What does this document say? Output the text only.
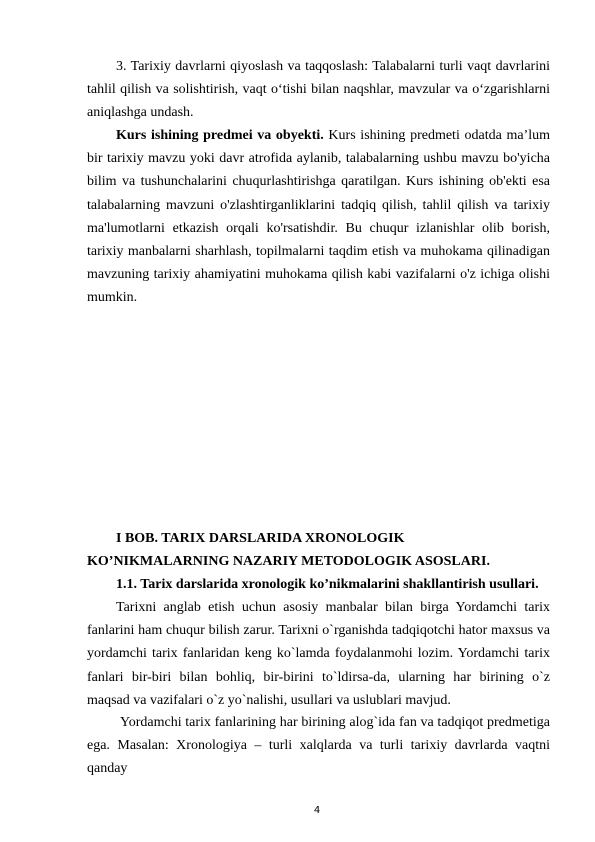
3. Tarixiy davrlarni qiyoslash va taqqoslash: Talabalarni turli vaqt davrlarini tahlil qilish va solishtirish, vaqt o‘tishi bilan naqshlar, mavzular va o‘zgarishlarni aniqlashga undash.

Kurs ishining predmei va obyekti. Kurs ishining predmeti odatda ma’lum bir tarixiy mavzu yoki davr atrofida aylanib, talabalarning ushbu mavzu bo'yicha bilim va tushunchalarini chuqurlashtirishga qaratilgan. Kurs ishining ob'ekti esa talabalarning mavzuni o'zlashtirganliklarini tadqiq qilish, tahlil qilish va tarixiy ma'lumotlarni etkazish orqali ko'rsatishdir. Bu chuqur izlanishlar olib borish, tarixiy manbalarni sharhlash, topilmalarni taqdim etish va muhokama qilinadigan mavzuning tarixiy ahamiyatini muhokama qilish kabi vazifalarni o'z ichiga olishi mumkin.

I BOB. TARIX DARSLARIDA XRONOLOGIK KO’NIKMALARNING NAZARIY METODOLOGIK ASOSLARI.

1.1. Tarix darslarida xronologik ko’nikmalarini shakllantirish usullari.

Tarixni anglab etish uchun asosiy manbalar bilan birga Yordamchi tarix fanlarini ham chuqur bilish zarur. Tarixni o`rganishda tadqiqotchi hator maxsus va yordamchi tarix fanlaridan keng ko`lamda foydalanmohi lozim. Yordamchi tarix fanlari bir-biri bilan bohliq, bir-birini to`ldirsa-da, ularning har birining o`z maqsad va vazifalari o`z yo`nalishi, usullari va uslublari mavjud.

Yordamchi tarix fanlarining har birining alog`ida fan va tadqiqot predmetiga ega. Masalan: Xronologiya – turli xalqlarda va turli tarixiy davrlarda vaqtni qanday

4
